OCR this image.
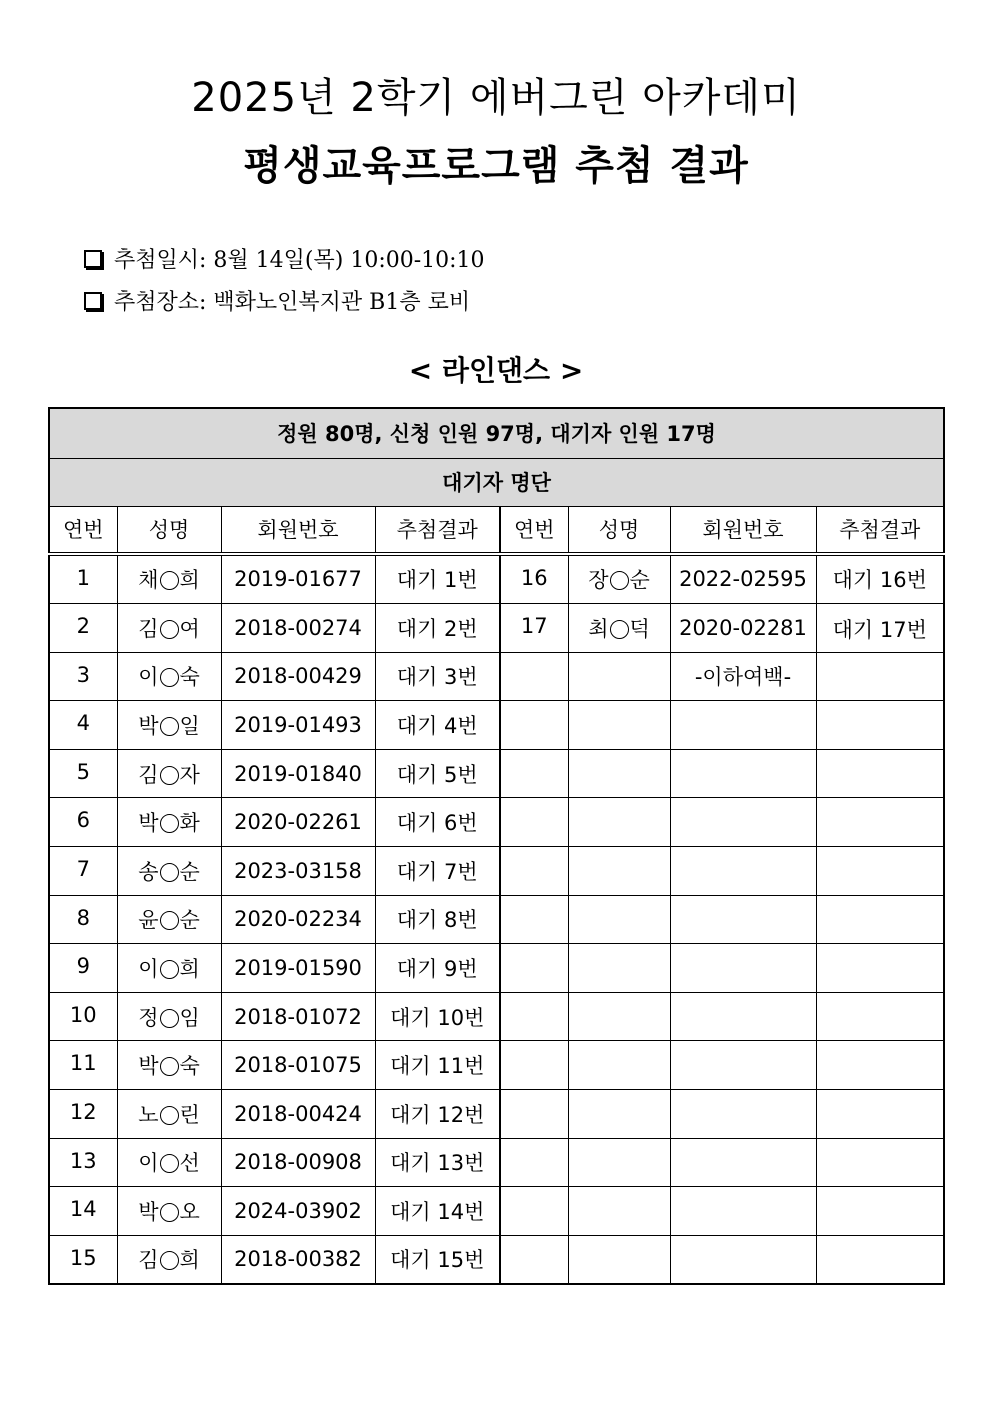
2025년 2학기 에버그린 아카데미
평생교육프로그램 추첨 결과
추첨일시: 8월 14일(목) 10:00-10:10
추첨장소: 백화노인복지관 B1층 로비
< 라인댄스 >
정원 80명, 신청 인원 97명, 대기자 인원 17명							
대기자 명단							
연번	성명	회원번호	추첨결과	연번	성명	회원번호	추첨결과
1	채 희	2019-01677	대기 1번	16	장 순	2022-02595	대기 16번
2	김 여	2018-00274	대기 2번	17	최 덕	2020-02281	대기 17번
3	이 숙	2018-00429	대기 3번			-이하여백-	
4	박 일	2019-01493	대기 4번				
5	김 자	2019-01840	대기 5번				
6	박 화	2020-02261	대기 6번				
7	송 순	2023-03158	대기 7번				
8	윤 순	2020-02234	대기 8번				
9	이 희	2019-01590	대기 9번				
10	정 임	2018-01072	대기 10번				
11	박 숙	2018-01075	대기 11번				
12	노 린	2018-00424	대기 12번				
13	이 선	2018-00908	대기 13번				
14	박 오	2024-03902	대기 14번				
15	김 희	2018-00382	대기 15번				
